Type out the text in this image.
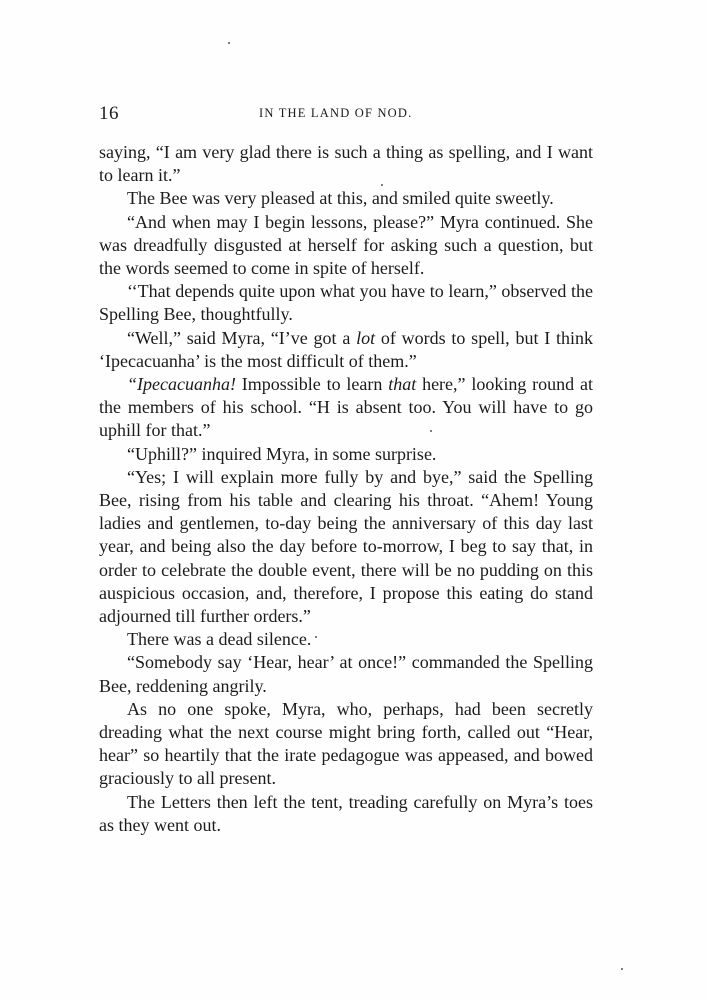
16	IN THE LAND OF NOD.

saying, “I am very glad there is such a thing as spelling, and I want to learn it.”

The Bee was very pleased at this, and smiled quite sweetly.

“And when may I begin lessons, please?” Myra continued. She was dreadfully disgusted at herself for asking such a question, but the words seemed to come in spite of herself.

‘‘That depends quite upon what you have to learn,” observed the Spelling Bee, thoughtfully.

“Well,” said Myra, “I’ve got a lot of words to spell, but I think ‘Ipecacuanha’ is the most difficult of them.”

“Ipecacuanha! Impossible to learn that here,” looking round at the members of his school. “H is absent too. You will have to go uphill for that.”

“Uphill?” inquired Myra, in some surprise.

“Yes; I will explain more fully by and bye,” said the Spelling Bee, rising from his table and clearing his throat. “Ahem! Young ladies and gentlemen, to-day being the anniversary of this day last year, and being also the day before to-morrow, I beg to say that, in order to celebrate the double event, there will be no pudding on this auspicious occasion, and, therefore, I propose this eating do stand adjourned till further orders.”

There was a dead silence.

“Somebody say ‘Hear, hear’ at once!” commanded the Spelling Bee, reddening angrily.

As no one spoke, Myra, who, perhaps, had been secretly dreading what the next course might bring forth, called out “Hear, hear” so heartily that the irate pedagogue was appeased, and bowed graciously to all present.

The Letters then left the tent, treading carefully on Myra’s toes as they went out.
